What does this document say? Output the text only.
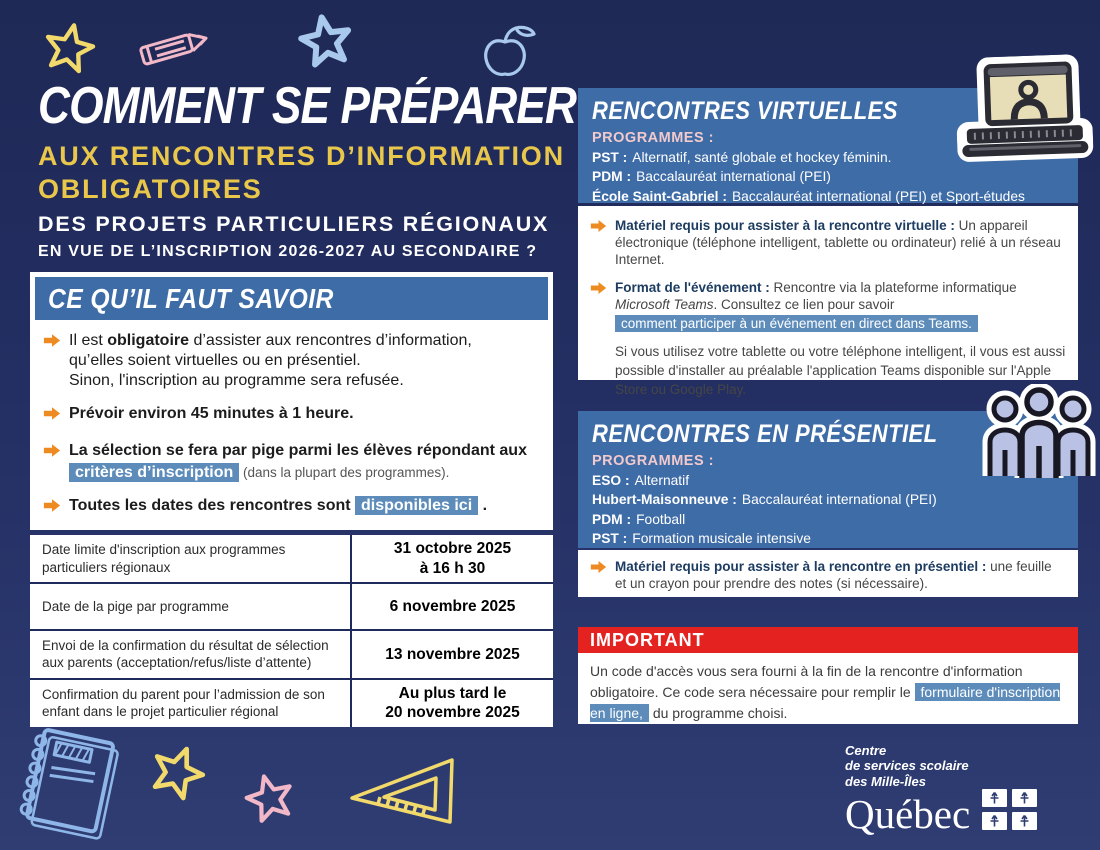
COMMENT SE PRÉPARER
AUX RENCONTRES D’INFORMATION
OBLIGATOIRES
DES PROJETS PARTICULIERS RÉGIONAUX
EN VUE DE L’INSCRIPTION 2026-2027 AU SECONDAIRE ?
CE QU’IL FAUT SAVOIR
Il est obligatoire d’assister aux rencontres d’information,
qu’elles soient virtuelles ou en présentiel.
Sinon, l'inscription au programme sera refusée.
Prévoir environ 45 minutes à 1 heure.
La sélection se fera par pige parmi les élèves répondant aux
critères d’inscription (dans la plupart des programmes).
Toutes les dates des rencontres sont disponibles ici .
Date limite d'inscription aux programmes particuliers régionaux
31 octobre 2025
à 16 h 30
Date de la pige par programme	6 novembre 2025
Envoi de la confirmation du résultat de sélection aux parents (acceptation/refus/liste d’attente)
13 novembre 2025
Confirmation du parent pour l’admission de son enfant dans le projet particulier régional
Au plus tard le
20 novembre 2025
RENCONTRES VIRTUELLES
PROGRAMMES :
PST : Alternatif, santé globale et hockey féminin.
PDM : Baccalauréat international (PEI)
École Saint-Gabriel : Baccalauréat international (PEI) et Sport-études
Matériel requis pour assister à la rencontre virtuelle : Un appareil électronique (téléphone intelligent, tablette ou ordinateur) relié à un réseau Internet.
Format de l'événement : Rencontre via la plateforme informatique
Microsoft Teams. Consultez ce lien pour savoir
comment participer à un événement en direct dans Teams.
Si vous utilisez votre tablette ou votre téléphone intelligent, il vous est aussi possible d'installer au préalable l'application Teams disponible sur l'Apple Store ou Google Play.
RENCONTRES EN PRÉSENTIEL
PROGRAMMES :
ESO : Alternatif
Hubert-Maisonneuve : Baccalauréat international (PEI)
PDM : Football
PST : Formation musicale intensive
Matériel requis pour assister à la rencontre en présentiel : une feuille et un crayon pour prendre des notes (si nécessaire).
IMPORTANT
Un code d'accès vous sera fourni à la fin de la rencontre d'information obligatoire. Ce code sera nécessaire pour remplir le formulaire d'inscription en ligne, du programme choisi.
Centre
de services scolaire
des Mille-Îles
Québec
